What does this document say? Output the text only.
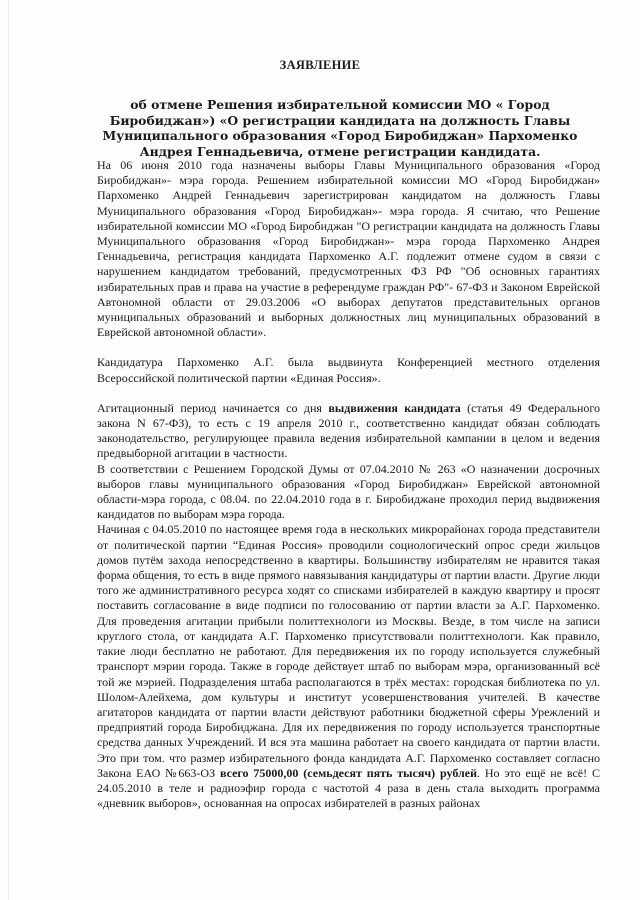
ЗАЯВЛЕНИЕ
об отмене Решения избирательной комиссии МО « Город Биробиджан») «О регистрации кандидата на должность Главы Муниципального образования «Город Биробиджан» Пархоменко Андрея Геннадьевича, отмене регистрации кандидата.

На 06 июня 2010 года назначены выборы Главы Муниципального образования «Город Биробиджан»- мэра города. Решением избирательной комиссии МО «Город Биробиджан» Пархоменко Андрей Геннадьевич зарегистрирован кандидатом на должность Главы Муниципального образования «Город Биробиджан»- мэра города. Я считаю, что Решение избирательной комиссии МО «Город Биробиджан "О регистрации кандидата на должность Главы Муниципального образования «Город Биробиджан»- мэра города Пархоменко Андрея Геннадьевича, регистрация кандидата Пархоменко А.Г. подлежит отмене судом в связи с нарушением кандидатом требований, предусмотренных ФЗ РФ "Об основных гарантиях избирательных прав и права на участие в референдуме граждан РФ"- 67-ФЗ и Законом Еврейской Автономной области от 29.03.2006 «О выборах депутатов представительных органов муниципальных образований и выборных должностных лиц муниципальных образований в Еврейской автономной области».

Кандидатура Пархоменко А.Г. была выдвинута Конференцией местного отделения Всероссийской политической партии «Единая Россия».

Агитационный период начинается со дня выдвижения кандидата (статья 49 Федерального закона N 67-ФЗ), то есть с 19 апреля 2010 г., соответственно кандидат обязан соблюдать законодательство, регулирующее правила ведения избирательной кампании в целом и ведения предвыборной агитации в частности.

В соответствии с Решением Городской Думы от 07.04.2010 № 263 «О назначении досрочных выборов главы муниципального образования «Город Биробиджан» Еврейской автономной области-мэра города, с 08.04. по 22.04.2010 года в г. Биробиджане проходил перид выдвижения кандидатов по выборам мэра города.

Начиная с 04.05.2010 по настоящее время года в нескольких микрорайонах города представители от политической партии “Единая Россия» проводили социологический опрос среди жильцов домов путём захода непосредственно в квартиры. Большинству избирателям не нравится такая форма общения, то есть в виде прямого навязывания кандидатуры от партии власти. Другие люди того же административного ресурса ходят со списками избирателей в каждую квартиру и просят поставить согласование в виде подписи по голосованию от партии власти за А.Г. Пархоменко. Для проведения агитации прибыли политтехнологи из Москвы. Везде, в том числе на записи круглого стола, от кандидата А.Г. Пархоменко присутствовали политтехнологи. Как правило, такие люди бесплатно не работают. Для передвижения их по городу используется служебный транспорт мэрии города. Также в городе действует штаб по выборам мэра, организованный всё той же мэрией. Подразделения штаба располагаются в трёх местах: городская библиотека по ул. Шолом-Алейхема, дом культуры и институт усовершенствования учителей. В качестве агитаторов кандидата от партии власти действуют работники бюджетной сферы Урежлений и предприятий города Биробиджана. Для их передвижения по городу используется транспортные средства данных Учреждений. И вся эта машина работает на своего кандидата от партии власти. Это при том. что размер избирательного фонда кандидата А.Г. Пархоменко составляет согласно Закона ЕАО №663-ОЗ всего 75000,00 (семьдесят пять тысяч) рублей. Но это ещё не всё! С 24.05.2010 в теле и радиоэфир города с частотой 4 раза в день стала выходить программа «дневник выборов», основанная на опросах избирателей в разных районах
